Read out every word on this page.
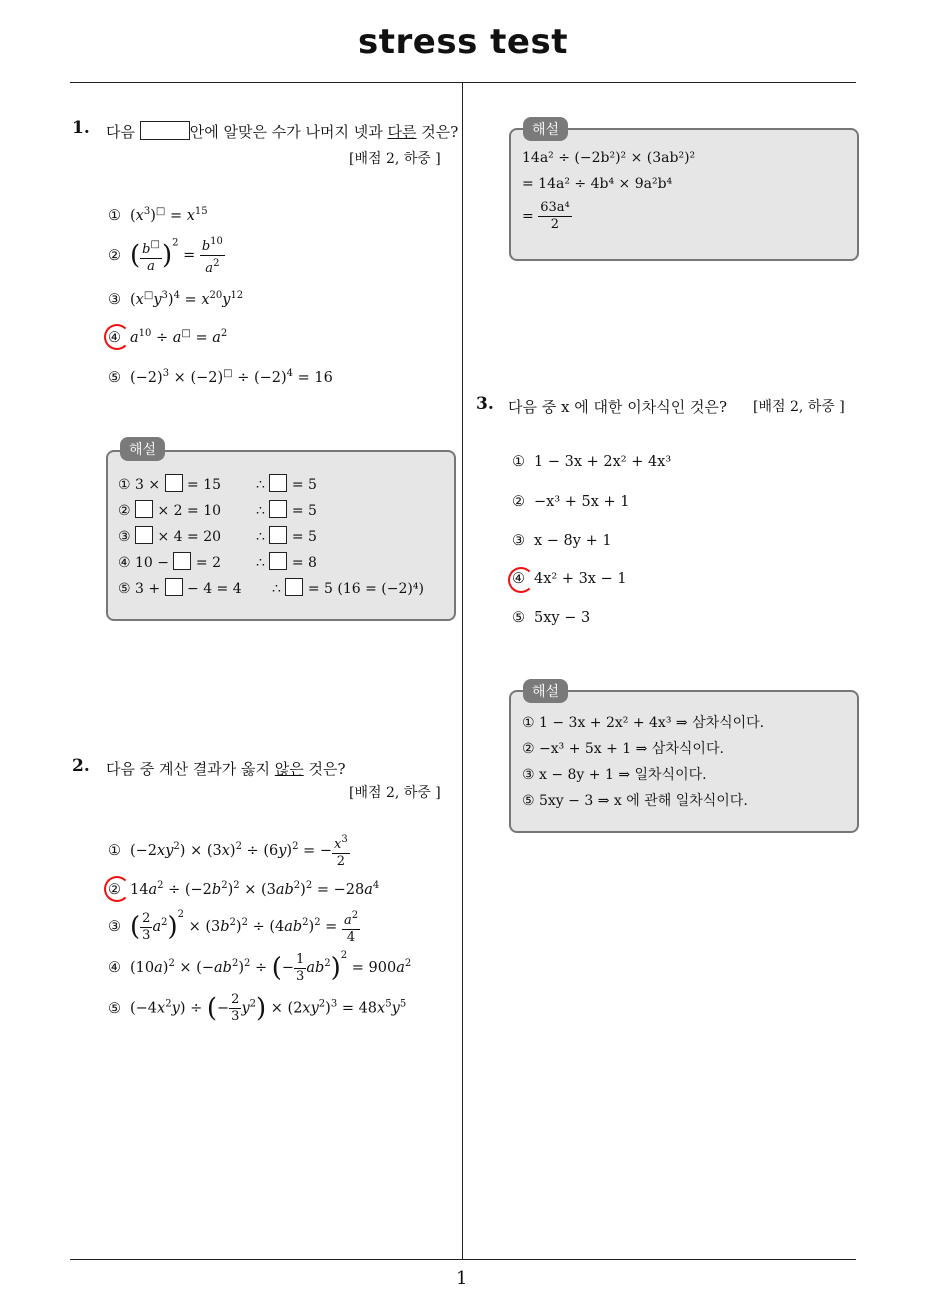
stress test
1
1. 다음	안에 알맞은 수가 나머지 넷과 다른 것은?
[배점 2, 하중 ]
① $(x^3)^□ = x^{15}$
② ( $\frac{b^□}{a} )^2 = \frac{b^{10}}{a^2}$
③ $(x^□y^3)^4 = x^{20}y^{12}$
④ $a^{10} \div a^□ = a^2$
⑤ $(-2)^3 \times (-2)^□ \div (-2)^4 = 16$
해설
① 3 × = 15 ∴ = 5
② × 2 = 10 ∴ = 5
③ × 4 = 20 ∴ = 5
④ 10 − = 2 ∴ = 8
⑤ 3 + − 4 = 4 ∴ = 5 (16 = (−2)⁴)
2. 다음 중 계산 결과가 옳지 않은 것은?
[배점 2, 하중 ]
① $(-2xy^2) \times (3x)^2 \div (6y)^2$ = − $\frac{x^3}{2}$
② $14a^2 \div (-2b^2)^2 \times (3ab^2)^2 = -28a^4$
③ ( $\frac{2}{3} a^2)^2 \times (3b^2)^2 \div (4ab^2)^2 = \frac{a^2}{4}$
④ $(10a)^2 \times (-ab^2)^2$ ÷ (− $\frac{1}{3} ab^2)^2 = 900a^2$
⑤ $(-4x^2y)$ ÷ (− $\frac{2}{3} y^2) \times (2xy^2)^3 = 48x^5y^5$
해설
14a² ÷ (−2b²)² × (3ab²)²
= 14a² ÷ 4b⁴ × 9a²b⁴
= $\frac{\text{63a⁴}}{2}$
3. 다음 중 x 에 대한 이차식인 것은? [배점 2, 하중 ]
① 1 − 3x + 2x² + 4x³
② −x³ + 5x + 1
③ x − 8y + 1
④ 4x² + 3x − 1
⑤ 5xy − 3
해설
① 1 − 3x + 2x² + 4x³ ⇒ 삼차식이다.
② −x³ + 5x + 1 ⇒ 삼차식이다.
③ x − 8y + 1 ⇒ 일차식이다.
⑤ 5xy − 3 ⇒ x 에 관해 일차식이다.
